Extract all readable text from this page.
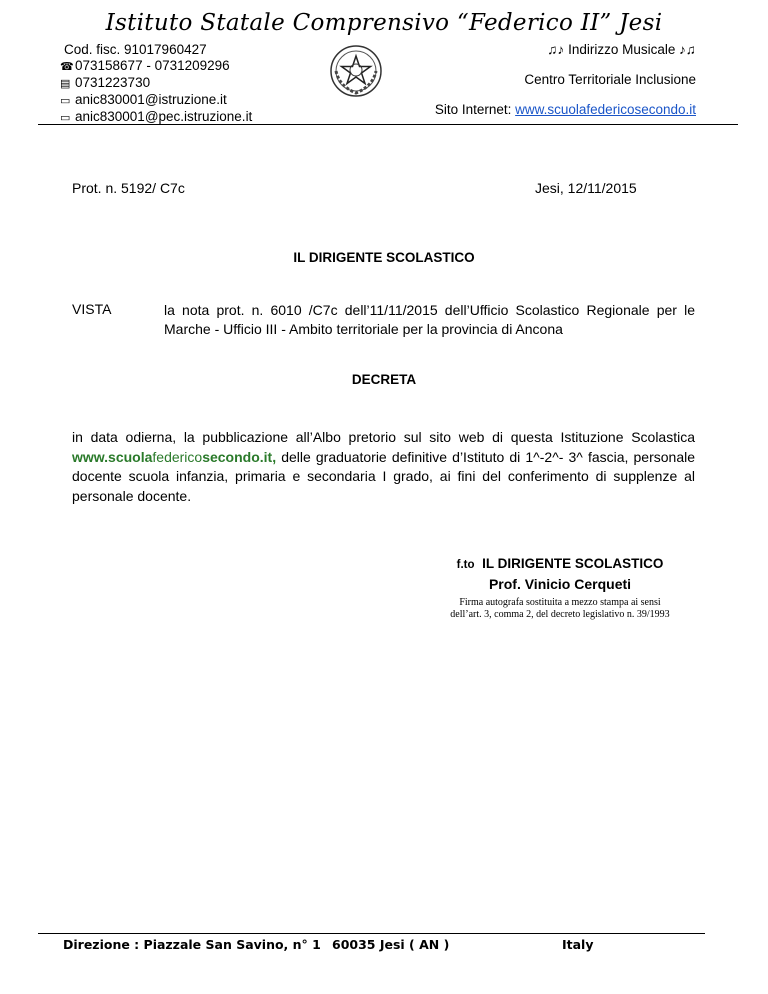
Istituto Statale Comprensivo “Federico II” Jesi
Cod. fisc. 91017960427
☎073158677 - 0731209296
▤ 0731223730
▭ anic830001@istruzione.it
▭ anic830001@pec.istruzione.it
♫♪ Indirizzo Musicale ♪♫
Centro Territoriale Inclusione
Sito Internet: www.scuolafedericosecondo.it
Prot. n. 5192/ C7c	Jesi, 12/11/2015
IL DIRIGENTE SCOLASTICO
VISTA	la nota prot. n. 6010 /C7c dell’11/11/2015 dell’Ufficio Scolastico Regionale per le Marche - Ufficio III - Ambito territoriale per la provincia di Ancona
DECRETA
in data odierna, la pubblicazione all’Albo pretorio sul sito web di questa Istituzione Scolastica www.scuolafedericosecondo.it, delle graduatorie definitive d’Istituto di 1^-2^- 3^ fascia, personale docente scuola infanzia, primaria e secondaria I grado, ai fini del conferimento di supplenze al personale docente.
f.to IL DIRIGENTE SCOLASTICO
Prof. Vinicio Cerqueti
Firma autografa sostituita a mezzo stampa ai sensi
dell’art. 3, comma 2, del decreto legislativo n. 39/1993
Direzione : Piazzale San Savino, n° 1 60035 Jesi ( AN )	Italy
